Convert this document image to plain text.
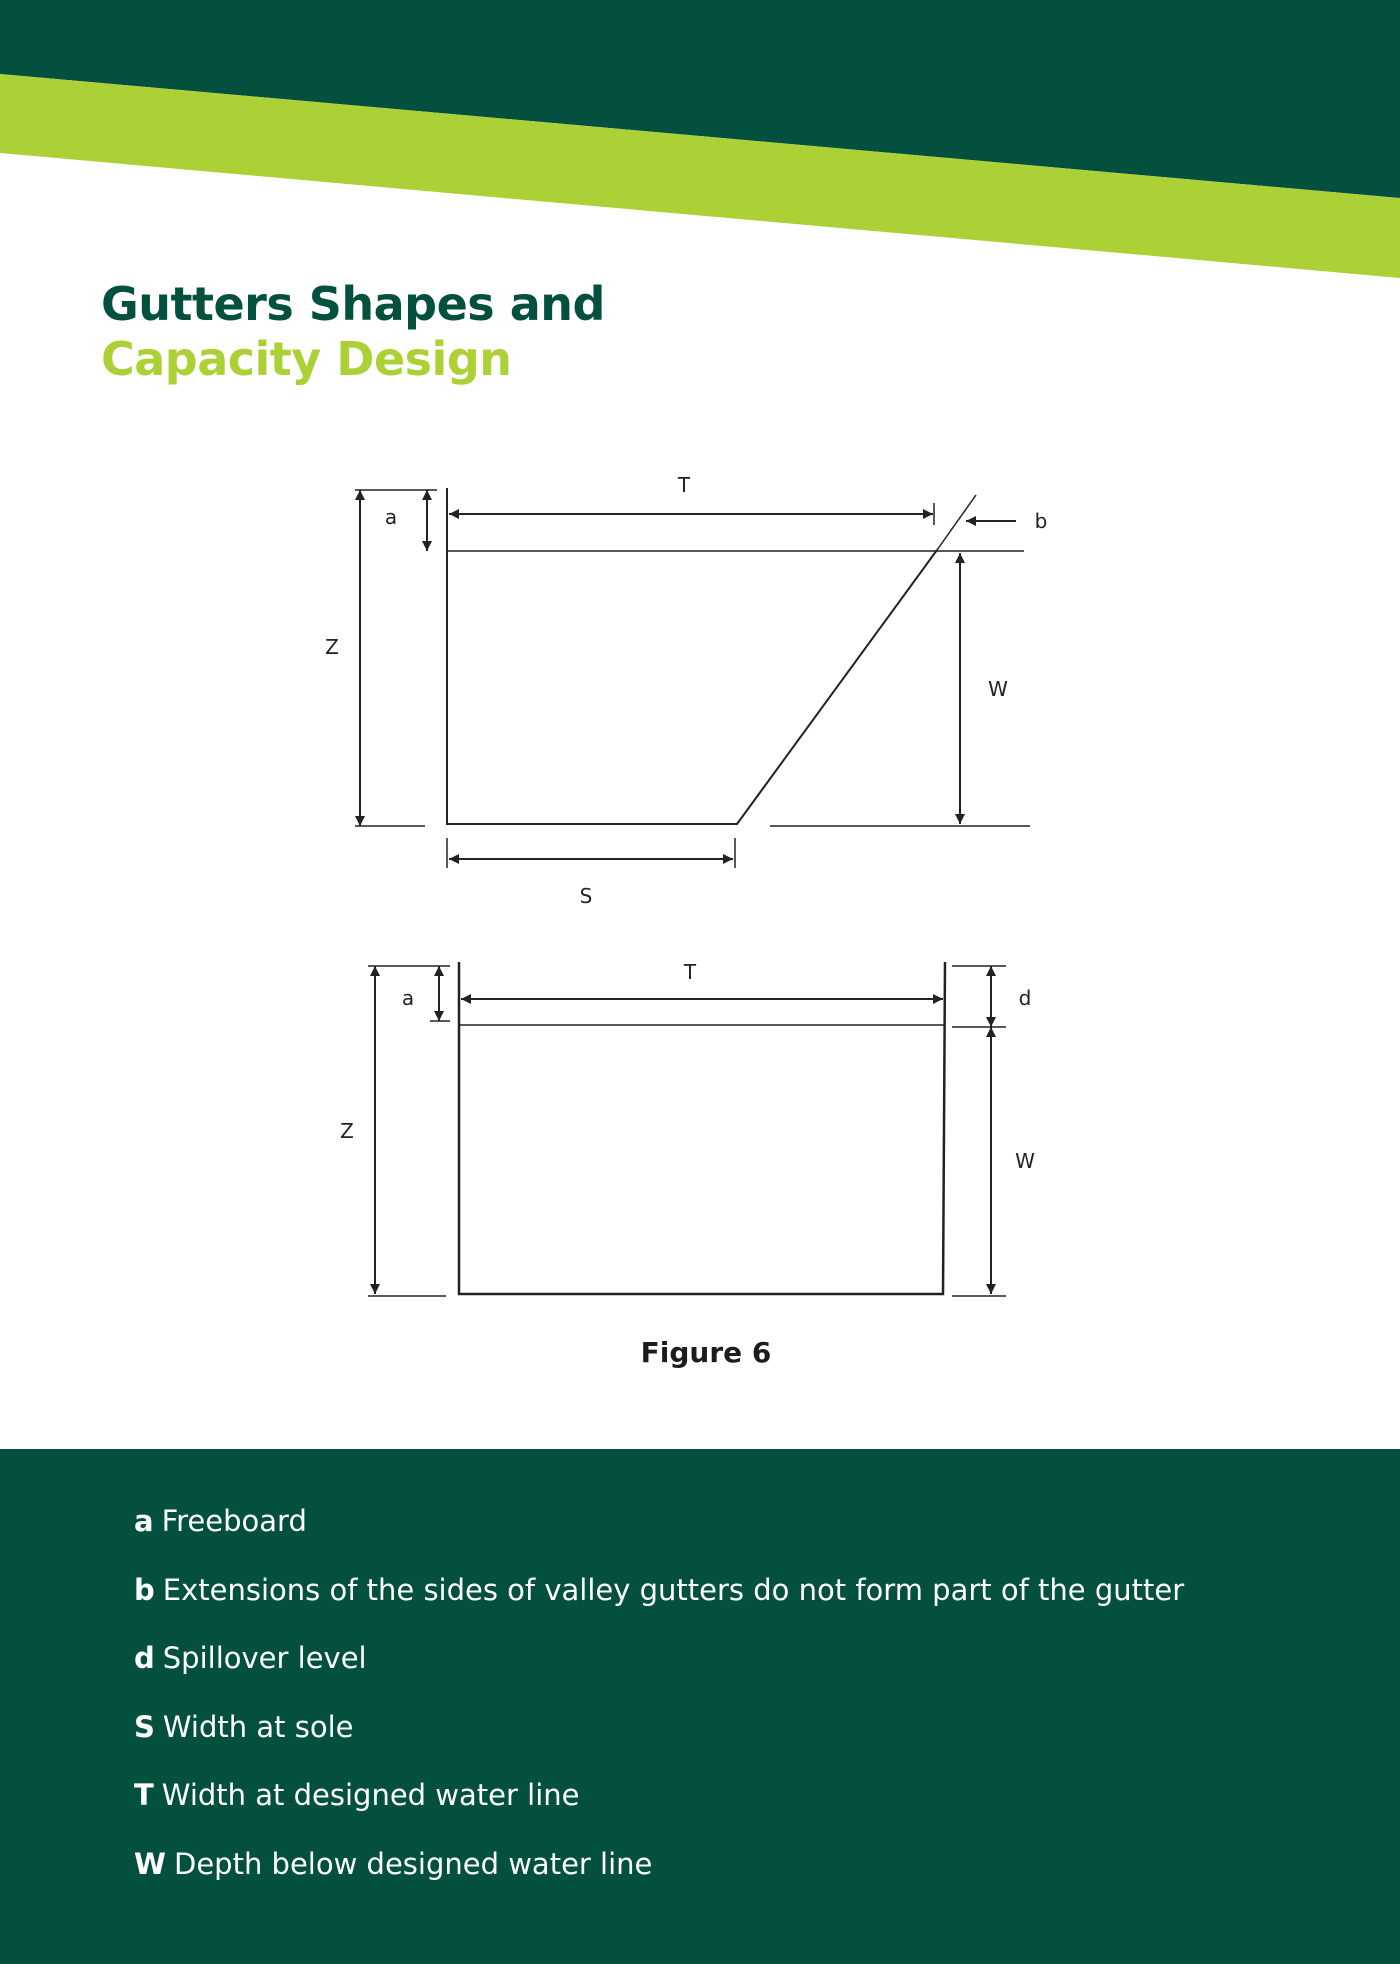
Gutters Shapes and
Capacity Design
T
a	b
Z
W
S
T
a	d
Z
W
Figure 6
a Freeboard
b Extensions of the sides of valley gutters do not form part of the gutter
d Spillover level
S Width at sole
T Width at designed water line
W Depth below designed water line
